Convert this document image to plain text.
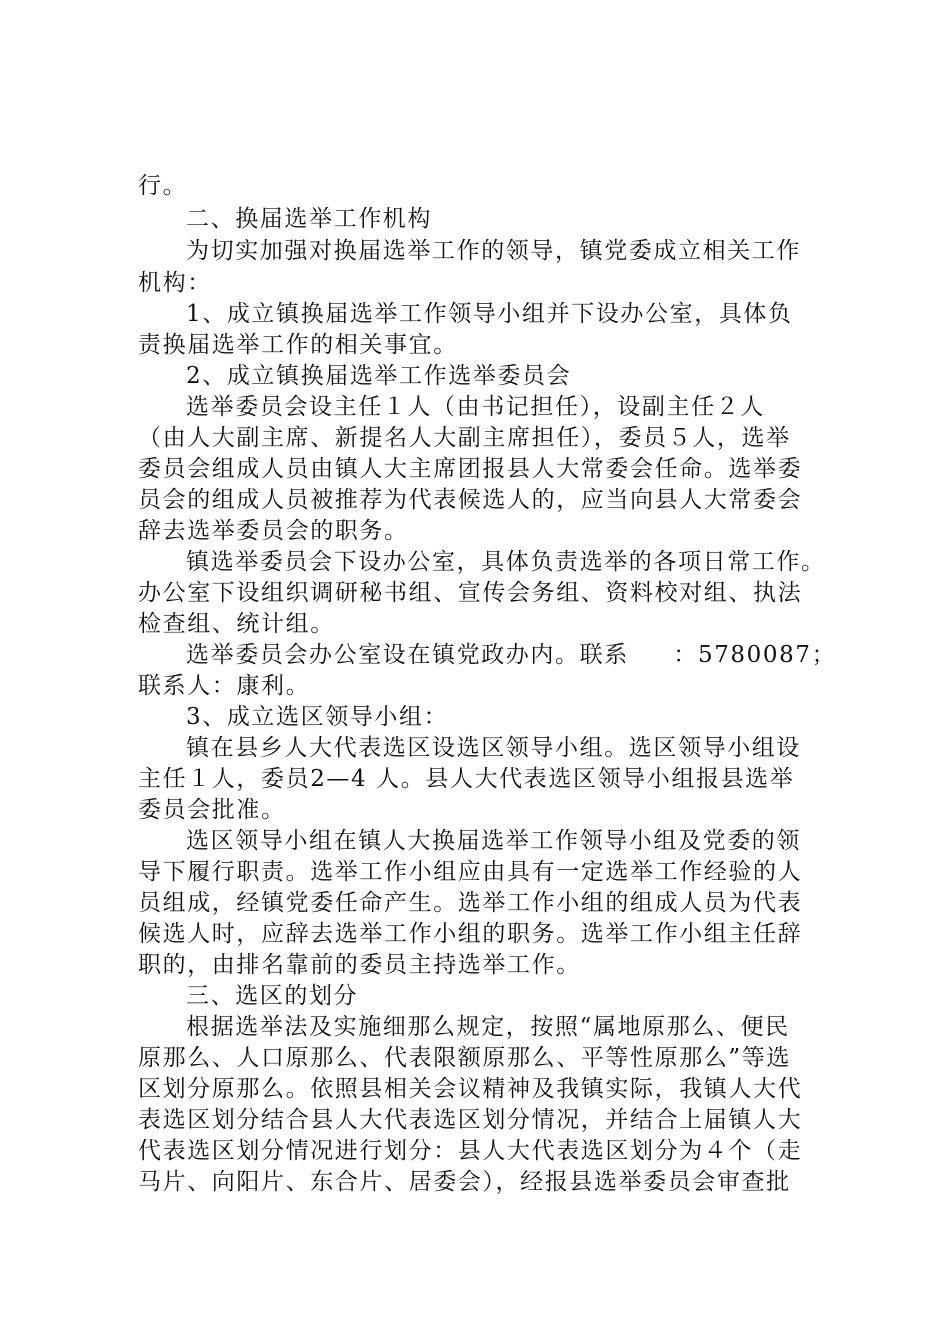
行。
二、换届选举工作机构
为切实加强对换届选举工作的领导，镇党委成立相关工作
机构：
1、成立镇换届选举工作领导小组并下设办公室，具体负
责换届选举工作的相关事宜。
2、成立镇换届选举工作选举委员会
选举委员会设主任１人（由书记担任），设副主任２人
（由人大副主席、新提名人大副主席担任），委员５人，选举
委员会组成人员由镇人大主席团报县人大常委会任命。选举委
员会的组成人员被推荐为代表候选人的，应当向县人大常委会
辞去选举委员会的职务。
镇选举委员会下设办公室，具体负责选举的各项日常工作。
办公室下设组织调研秘书组、宣传会务组、资料校对组、执法
检查组、统计组。
选举委员会办公室设在镇党政办内。联系     ：5780087；
联系人：康利。
3、成立选区领导小组：
镇在县乡人大代表选区设选区领导小组。选区领导小组设
主任１人，委员2—4 人。县人大代表选区领导小组报县选举
委员会批准。
选区领导小组在镇人大换届选举工作领导小组及党委的领
导下履行职责。选举工作小组应由具有一定选举工作经验的人
员组成，经镇党委任命产生。选举工作小组的组成人员为代表
候选人时，应辞去选举工作小组的职务。选举工作小组主任辞
职的，由排名靠前的委员主持选举工作。
三、选区的划分
根据选举法及实施细那么规定，按照“属地原那么、便民
原那么、人口原那么、代表限额原那么、平等性原那么”等选
区划分原那么。依照县相关会议精神及我镇实际，我镇人大代
表选区划分结合县人大代表选区划分情况，并结合上届镇人大
代表选区划分情况进行划分：县人大代表选区划分为４个（走
马片、向阳片、东合片、居委会），经报县选举委员会审查批
